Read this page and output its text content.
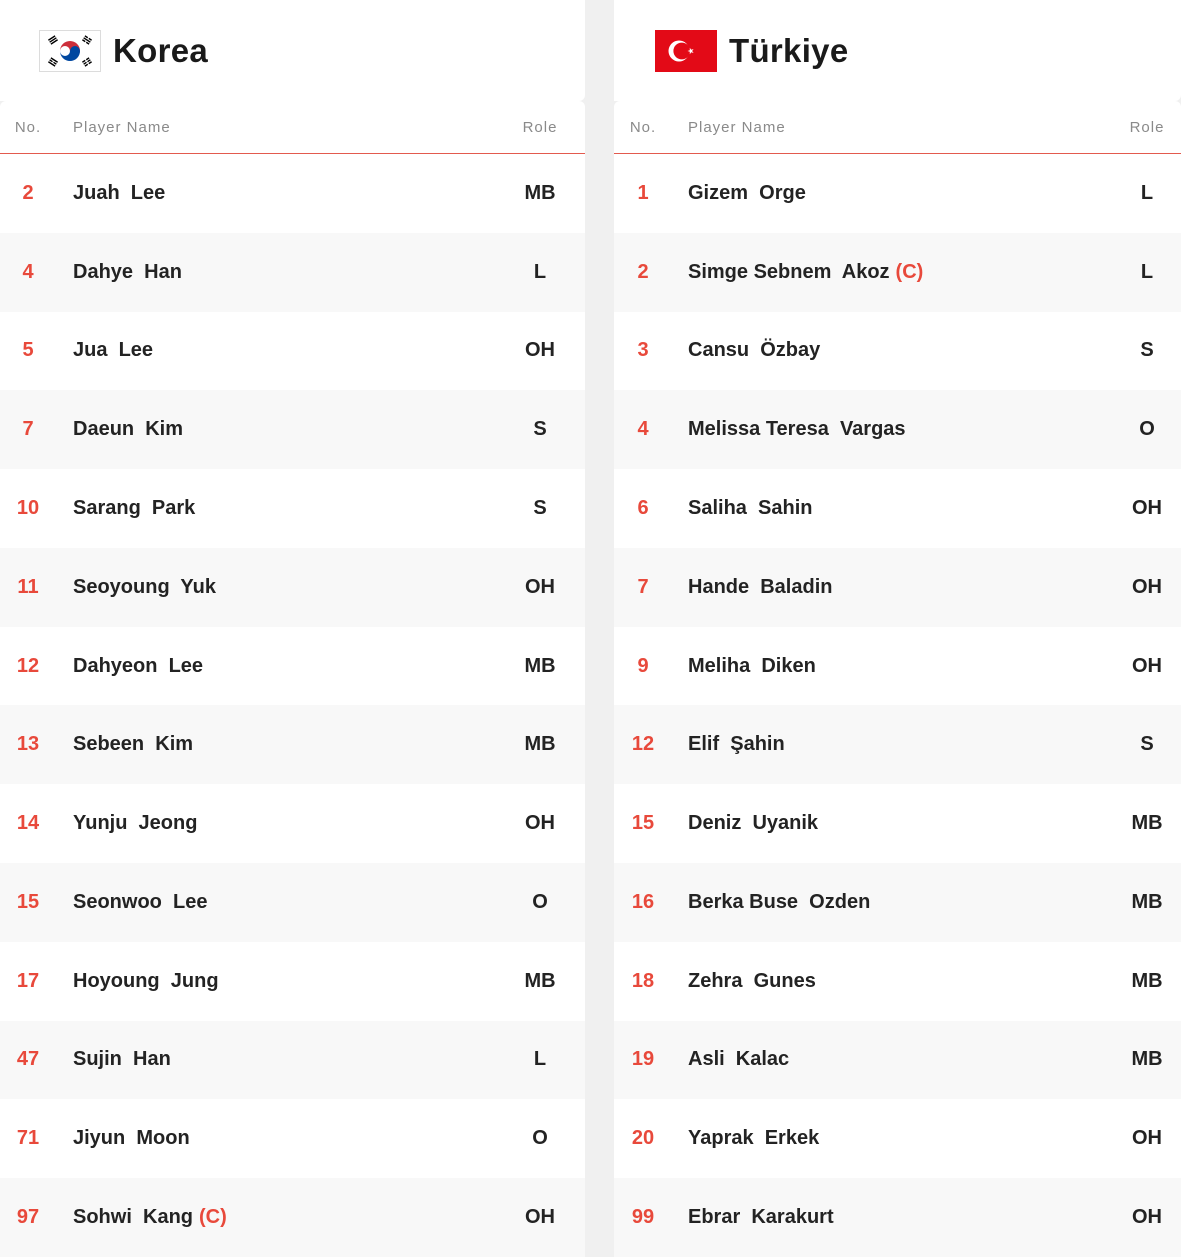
Korea
No.	Player Name	Role
2	Juah  Lee	MB
4	Dahye  Han	L
5	Jua  Lee	OH
7	Daeun  Kim	S
10	Sarang  Park	S
11	Seoyoung  Yuk	OH
12	Dahyeon  Lee	MB
13	Sebeen  Kim	MB
14	Yunju  Jeong	OH
15	Seonwoo  Lee	O
17	Hoyoung  Jung	MB
47	Sujin  Han	L
71	Jiyun  Moon	O
97	Sohwi  Kang (C)	OH
Türkiye
No.	Player Name	Role
1	Gizem  Orge	L
2	Simge Sebnem  Akoz (C)	L
3	Cansu  Özbay	S
4	Melissa Teresa  Vargas	O
6	Saliha  Sahin	OH
7	Hande  Baladin	OH
9	Meliha  Diken	OH
12	Elif  Şahin	S
15	Deniz  Uyanik	MB
16	Berka Buse  Ozden	MB
18	Zehra  Gunes	MB
19	Asli  Kalac	MB
20	Yaprak  Erkek	OH
99	Ebrar  Karakurt	OH
